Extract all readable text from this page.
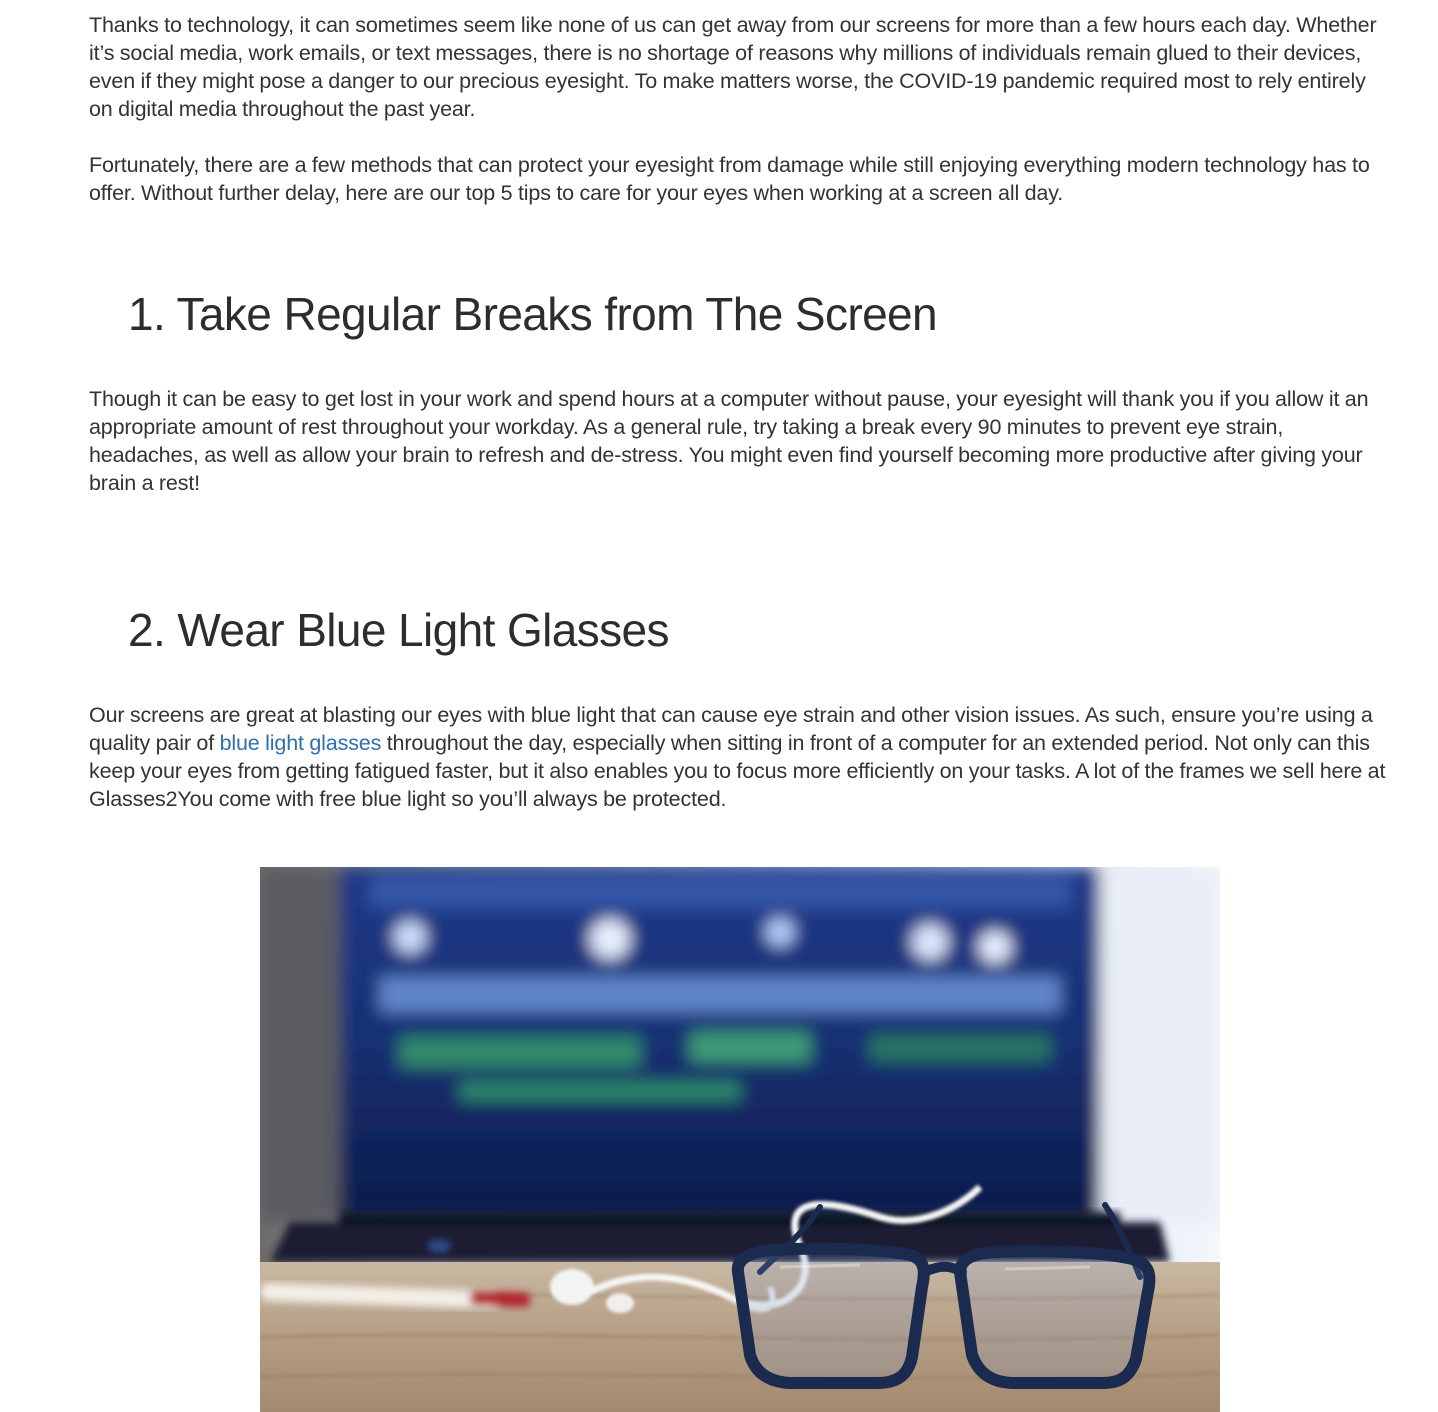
Thanks to technology, it can sometimes seem like none of us can get away from our screens for more than a few hours each day. Whether it’s social media, work emails, or text messages, there is no shortage of reasons why millions of individuals remain glued to their devices, even if they might pose a danger to our precious eyesight. To make matters worse, the COVID-19 pandemic required most to rely entirely on digital media throughout the past year.

Fortunately, there are a few methods that can protect your eyesight from damage while still enjoying everything modern technology has to offer. Without further delay, here are our top 5 tips to care for your eyes when working at a screen all day.

1. Take Regular Breaks from The Screen

Though it can be easy to get lost in your work and spend hours at a computer without pause, your eyesight will thank you if you allow it an appropriate amount of rest throughout your workday. As a general rule, try taking a break every 90 minutes to prevent eye strain, headaches, as well as allow your brain to refresh and de-stress. You might even find yourself becoming more productive after giving your brain a rest!

2. Wear Blue Light Glasses

Our screens are great at blasting our eyes with blue light that can cause eye strain and other vision issues. As such, ensure you’re using a quality pair of blue light glasses throughout the day, especially when sitting in front of a computer for an extended period. Not only can this keep your eyes from getting fatigued faster, but it also enables you to focus more efficiently on your tasks. A lot of the frames we sell here at Glasses2You come with free blue light so you’ll always be protected.
